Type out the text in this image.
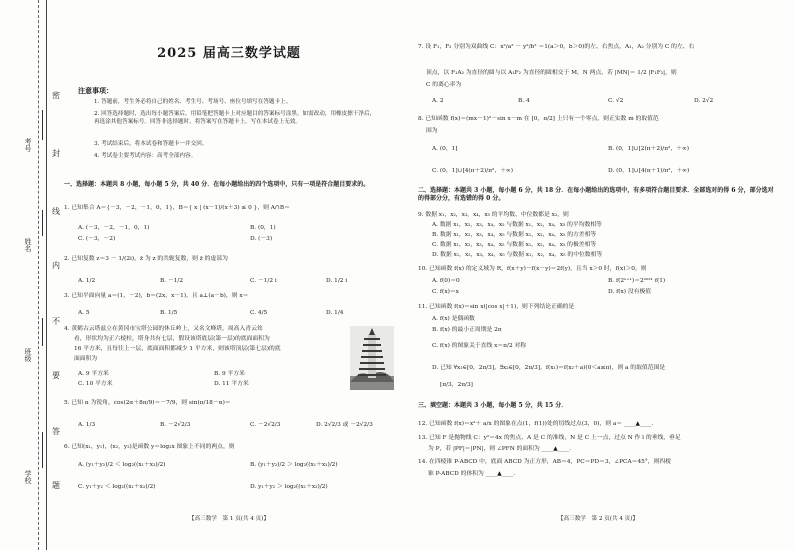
密
封
线
内
不
要
答
题
考号
姓名
班级
学校
2025 届高三数学试题
注意事项：
1. 答题前，考生务必将自己的姓名、考生号、考场号、座位号填写在答题卡上。
2. 回答选择题时，选出每小题答案后，用铅笔把答题卡上对应题目的答案标号涂黑。如需改动，用橡皮擦干净后，再选涂其他答案标号。回答非选择题时，将答案写在答题卡上。写在本试卷上无效。
3. 考试结束后，将本试卷和答题卡一并交回。
4. 考试卷主要考试内容：高考全部内容。
一、选择题：本题共 8 小题，每小题 5 分，共 40 分．在每小题给出的四个选项中，只有一项是符合题目要求的。
1. 已知集合 A＝{－3，－2，－1，0，1}，B＝{ x | (x－1)/(x＋3) ≤ 0 }，则 A∩B＝
A. (－3，－2，－1，0，1)	B. (0，1)
C. (－3，－2)	D. (－3)
2. 已知复数 z＝3 － 1/(2i)，z̄ 为 z 的共轭复数，则 z̄ 的虚部为
A. 1/2	B. －1/2	C. －1/2 i	D. 1/2 i
3. 已知平面向量 a＝(1，－2)，b＝(2x，x－1)，且 a⊥(a－b)，则 x＝
A. 5	B. 1/5	C. 4/5	D. 1/4
4. 黄鹤古云塔兹立在黄冈市宝塔公园的休丘岭上，又名文峰塔，周高入青云耸
看，形状均为正六棱柱，塔身共有七层，假设该塔底层(第一层)的底面面积为
16 平方米，且每往上一层，底面面积都减少 1 平方米，则该塔顶层(第七层)的底
面面积为
A. 9 平方米	B. 9 平方米
C. 10 平方米	D. 11 平方米
5. 已知 α 为锐角，cos(2α＋8π/9)＝－7/9，则 sin(π/18－α)＝
A. 1/3	B. －2√2/3	C. －2√2/3	D. 2√2/3 或 －2√2/3
6. 已知(x₁，y₁)，(x₂，y₂)是函数 y＝log₂x 图象上不同的两点，则
A. (y₁＋y₂)/2 ＜ log₂((x₁＋x₂)/2)	B. (y₁＋y₂)/2 ＞ log₂((x₁＋x₂)/2)
C. y₁＋y₂ ＜ log₂((x₁＋x₂)/2)	D. y₁＋y₂ ＞ log₂((x₁＋x₂)/2)
【高三数学　第 1 页(共 4 页)】
7. 设 F₁，F₂ 分别为双曲线 C：x²/a² － y²/b² ＝1(a＞0，b＞0)的左、右焦点，A₁，A₂ 分别为 C 的左、右
顶点，以 F₁A₂ 为直径的圆与以 A₁F₂ 为直径的圆相交于 M，N 两点，若 |MN|＝ 1/2 |F₁F₂|，则
C 的离心率为
A. 2	B. 4	C. √2	D. 2√2
8. 已知函数 f(x)＝(mx－1)²－sin x－m 在 [0，π/2] 上只有一个零点，则正实数 m 的取值范
围为
A. (0，1]	B. (0，1]∪[2(π＋2)/π²，＋∞)
C. (0，1]∪[4(π＋2)/π²，＋∞)	D. (0，1]∪[4(π＋1)/π²，＋∞)
二、选择题：本题共 3 小题，每小题 6 分，共 18 分．在每小题给出的选项中，有多项符合题目要求．全部选对的得 6 分，部分选对的得部分分，有选错的得 0 分。
9. 数据 x₁，x₂，x₃，x₄，x₅ 的平均数、中位数都是 x₃，则
A. 数据 x₁，x₂，x₃，x₄，x₅ 与数据 x₁，x₂，x₄，x₅ 的平均数相等
B. 数据 x₁，x₂，x₃，x₄，x₅ 与数据 x₁，x₂，x₄，x₅ 的方差相等
C. 数据 x₁，x₂，x₃，x₄，x₅ 与数据 x₁，x₂，x₄，x₅ 的极差相等
D. 数据 x₁，x₂，x₃，x₄，x₅ 与数据 x₁，x₂，x₄，x₅ 的中位数相等
10. 已知函数 f(x) 的定义域为 R，f(x＋y)－f(x－y)＝2f(y)，且当 x＞0 时，f(x)＞0，则
A. f(0)＝0	B. f(2ⁿ⁺¹)＝2²⁰²¹ f(1)
C. f(x)＝x	D. f(x) 没有极值
11. 已知函数 f(x)＝sin x(|cos x|＋1)，则下列结论正确的是
A. f(x) 是偶函数
B. f(x) 的最小正周期是 2π
C. f(x) 的图象关于直线 x＝π/2 对称
D. 已知 ∀x₁∈[0，2π/3]，∃x₂∈[0，2π/3]，f(x₁)＝f(x₂＋a)(0＜a≤π)，则 a 的取值范围是
[π/3，2π/3]
三、填空题：本题共 3 小题，每小题 5 分，共 15 分．
12. 已知函数 f(x)＝x²＋ a/x 的图象在点(1，f(1))处的切线过点(3，0)，则 a＝ ____▲____．
13. 已知 F 是抛物线 C：y²＝4x 的焦点，A 是 C 的准线，N 是 C 上一点，过点 N 作 l 的垂线，垂足
为 P，若 |PF|＝|PN|，则 ∠PFN 的面积为 ____▲____．
14. 在四棱锥 P-ABCD 中，底面 ABCD 为正方形，AB＝4，PC＝PD＝3，∠PCA＝45°，则四棱
锥 P-ABCD 的体积为 ____▲____．
【高三数学　第 2 页(共 4 页)】
